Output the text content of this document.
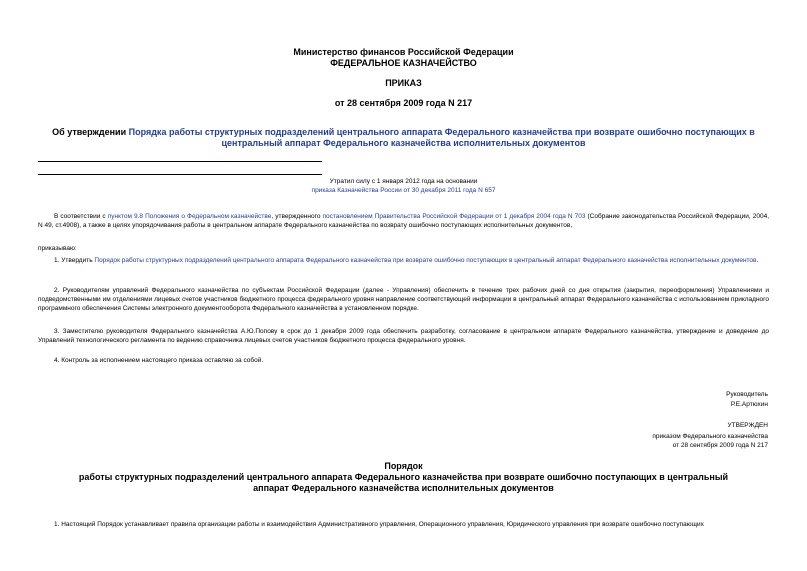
Министерство финансов Российской Федерации
ФЕДЕРАЛЬНОЕ КАЗНАЧЕЙСТВО
ПРИКАЗ
от 28 сентября 2009 года N 217
Об утверждении Порядка работы структурных подразделений центрального аппарата Федерального казначейства при возврате ошибочно поступающих в центральный аппарат Федерального казначейства исполнительных документов
Утратил силу с 1 января 2012 года на основании
приказа Казначейства России от 30 декабря 2011 года N 657
В соответствии с пунктом 9.8 Положения о Федеральном казначействе, утвержденного постановлением Правительства Российской Федерации от 1 декабря 2004 года N 703 (Собрание законодательства Российской Федерации, 2004, N 49, ст.4908), а также в целях упорядочивания работы в центральном аппарате Федерального казначейства по возврату ошибочно поступающих исполнительных документов,
приказываю:
1. Утвердить Порядок работы структурных подразделений центрального аппарата Федерального казначейства при возврате ошибочно поступающих в центральный аппарат Федерального казначейства исполнительных документов.
2. Руководителям управлений Федерального казначейства по субъектам Российской Федерации (далее - Управления) обеспечить в течение трех рабочих дней со дня открытия (закрытия, переоформления) Управлениями и подведомственными им отделениями лицевых счетов участников бюджетного процесса федерального уровня направление соответствующей информации в центральный аппарат Федерального казначейства с использованием прикладного программного обеспечения Системы электронного документооборота Федерального казначейства в установленном порядке.
3. Заместителю руководителя Федерального казначейства А.Ю.Попову в срок до 1 декабря 2009 года обеспечить разработку, согласование в центральном аппарате Федерального казначейства, утверждение и доведение до Управлений технологического регламента по ведению справочника лицевых счетов участников бюджетного процесса федерального уровня.
4. Контроль за исполнением настоящего приказа оставляю за собой.
Руководитель
Р.Е.Артюхин
УТВЕРЖДЕН
приказом Федерального казначейства
от 28 сентября 2009 года N 217
Порядок
работы структурных подразделений центрального аппарата Федерального казначейства при возврате ошибочно поступающих в центральный аппарат Федерального казначейства исполнительных документов
1. Настоящий Порядок устанавливает правила организации работы и взаимодействия Административного управления, Операционного управления, Юридического управления при возврате ошибочно поступающих
